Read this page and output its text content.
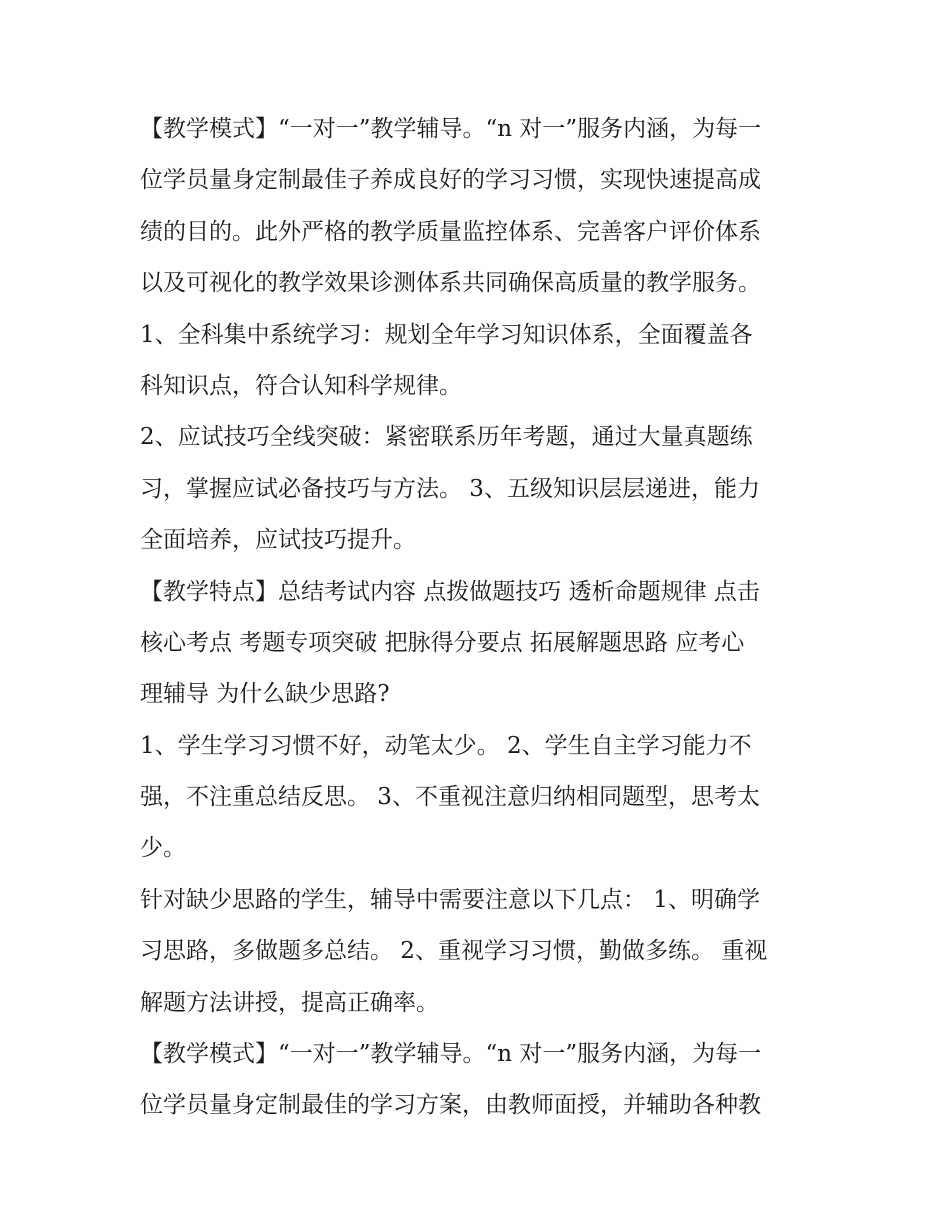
【教学模式】“一对一”教学辅导。“n 对一”服务内涵，为每一
位学员量身定制最佳子养成良好的学习习惯，实现快速提高成
绩的目的。此外严格的教学质量监控体系、完善客户评价体系
以及可视化的教学效果诊测体系共同确保高质量的教学服务。
1、全科集中系统学习：规划全年学习知识体系，全面覆盖各
科知识点，符合认知科学规律。
2、应试技巧全线突破：紧密联系历年考题，通过大量真题练
习，掌握应试必备技巧与方法。 3、五级知识层层递进，能力
全面培养，应试技巧提升。
【教学特点】总结考试内容 点拨做题技巧 透析命题规律 点击
核心考点 考题专项突破 把脉得分要点 拓展解题思路 应考心
理辅导 为什么缺少思路?
1、学生学习习惯不好，动笔太少。 2、学生自主学习能力不
强，不注重总结反思。 3、不重视注意归纳相同题型，思考太
少。
针对缺少思路的学生，辅导中需要注意以下几点： 1、明确学
习思路，多做题多总结。 2、重视学习习惯，勤做多练。 重视
解题方法讲授，提高正确率。
【教学模式】“一对一”教学辅导。“n 对一”服务内涵，为每一
位学员量身定制最佳的学习方案，由教师面授，并辅助各种教
